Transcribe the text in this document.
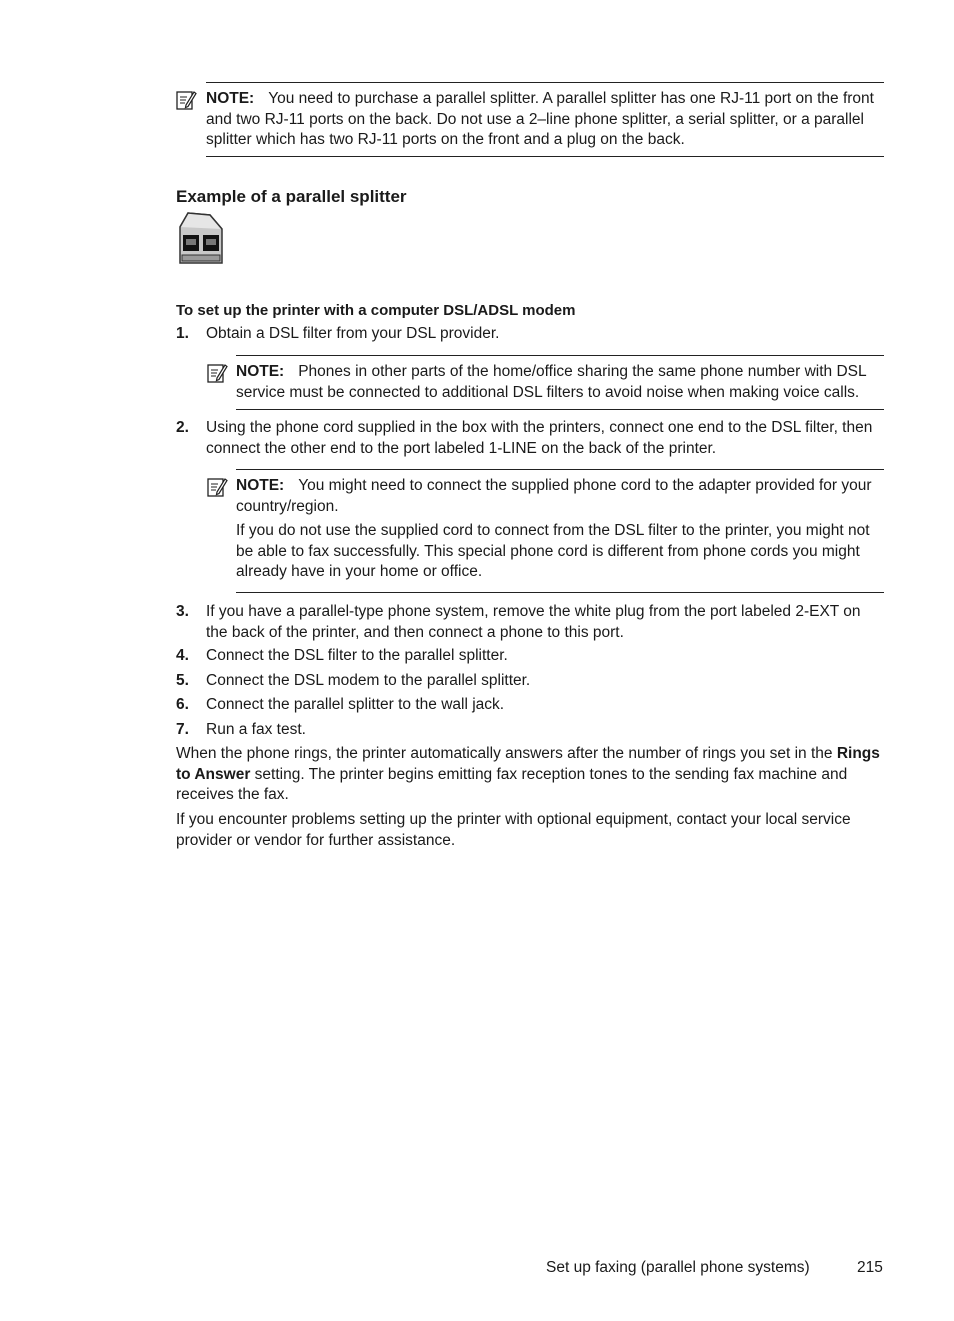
NOTE: You need to purchase a parallel splitter. A parallel splitter has one RJ-11 port on the front and two RJ-11 ports on the back. Do not use a 2–line phone splitter, a serial splitter, or a parallel splitter which has two RJ-11 ports on the front and a plug on the back.
Example of a parallel splitter
To set up the printer with a computer DSL/ADSL modem
1. Obtain a DSL filter from your DSL provider.
NOTE: Phones in other parts of the home/office sharing the same phone number with DSL service must be connected to additional DSL filters to avoid noise when making voice calls.
2. Using the phone cord supplied in the box with the printers, connect one end to the DSL filter, then connect the other end to the port labeled 1-LINE on the back of the printer.
NOTE: You might need to connect the supplied phone cord to the adapter provided for your country/region.
If you do not use the supplied cord to connect from the DSL filter to the printer, you might not be able to fax successfully. This special phone cord is different from phone cords you might already have in your home or office.
3. If you have a parallel-type phone system, remove the white plug from the port labeled 2-EXT on the back of the printer, and then connect a phone to this port.
4. Connect the DSL filter to the parallel splitter.
5. Connect the DSL modem to the parallel splitter.
6. Connect the parallel splitter to the wall jack.
7. Run a fax test.
When the phone rings, the printer automatically answers after the number of rings you set in the Rings to Answer setting. The printer begins emitting fax reception tones to the sending fax machine and receives the fax.
If you encounter problems setting up the printer with optional equipment, contact your local service provider or vendor for further assistance.
Set up faxing (parallel phone systems)	215
